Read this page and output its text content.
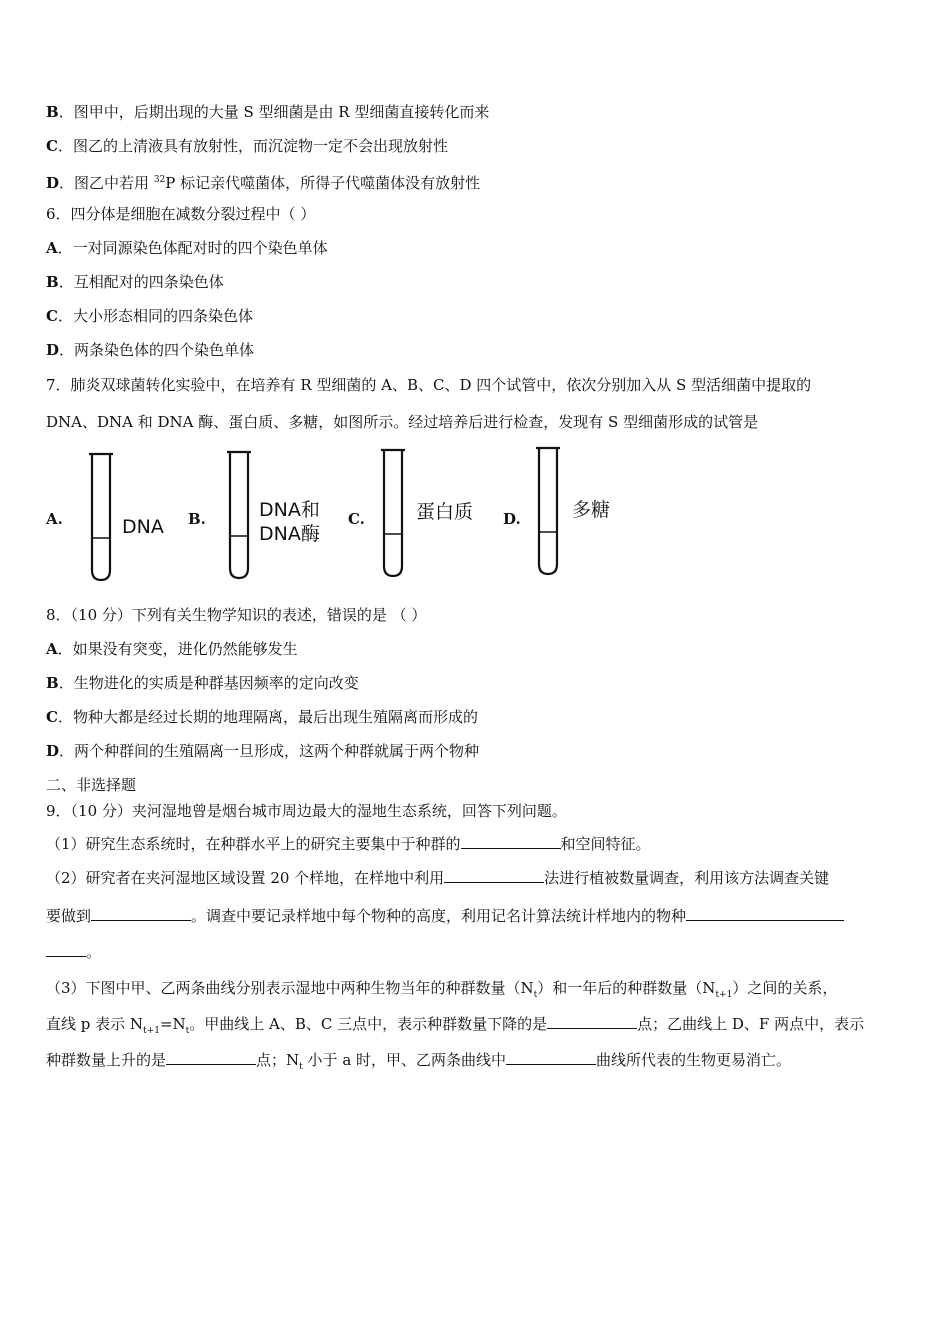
B．图甲中，后期出现的大量 S 型细菌是由 R 型细菌直接转化而来
C．图乙的上清液具有放射性，而沉淀物一定不会出现放射性
D．图乙中若用 $^{32}$P 标记亲代噬菌体，所得子代噬菌体没有放射性
6．四分体是细胞在减数分裂过程中（ ）
A．一对同源染色体配对时的四个染色单体
B．互相配对的四条染色体
C．大小形态相同的四条染色体
D．两条染色体的四个染色单体
7．肺炎双球菌转化实验中，在培养有 R 型细菌的 A、B、C、D 四个试管中，依次分别加入从 S 型活细菌中提取的
DNA、DNA 和 DNA 酶、蛋白质、多糖，如图所示。经过培养后进行检查，发现有 S 型细菌形成的试管是
A.	DNA B.	DNA和
DNA酶
C.	蛋白质 D.	多糖
8．（10 分）下列有关生物学知识的表述，错误的是 （ ）
A．如果没有突变，进化仍然能够发生
B．生物进化的实质是种群基因频率的定向改变
C．物种大都是经过长期的地理隔离，最后出现生殖隔离而形成的
D．两个种群间的生殖隔离一旦形成，这两个种群就属于两个物种
二、非选择题
9．（10 分）夹河湿地曾是烟台城市周边最大的湿地生态系统，回答下列问题。
（1）研究生态系统时，在种群水平上的研究主要集中于种群的	和空间特征。
（2）研究者在夹河湿地区域设置 20 个样地，在样地中利用	法进行植被数量调查，利用该方法调查关键
要做到	。调查中要记录样地中每个物种的高度，利用记名计算法统计样地内的物种
。
（3）下图中甲、乙两条曲线分别表示湿地中两种生物当年的种群数量$(N_t)$和一年后的种群数量$(N_{t+1})$之间的关系，
直线 p 表示 $N_{t+1}=N_t$。甲曲线上 A、B、C 三点中，表示种群数量下降的是	点；乙曲线上 D、F 两点中，表示
种群数量上升的是	点；$N_t$ 小于 a 时，甲、乙两条曲线中	曲线所代表的生物更易消亡。
